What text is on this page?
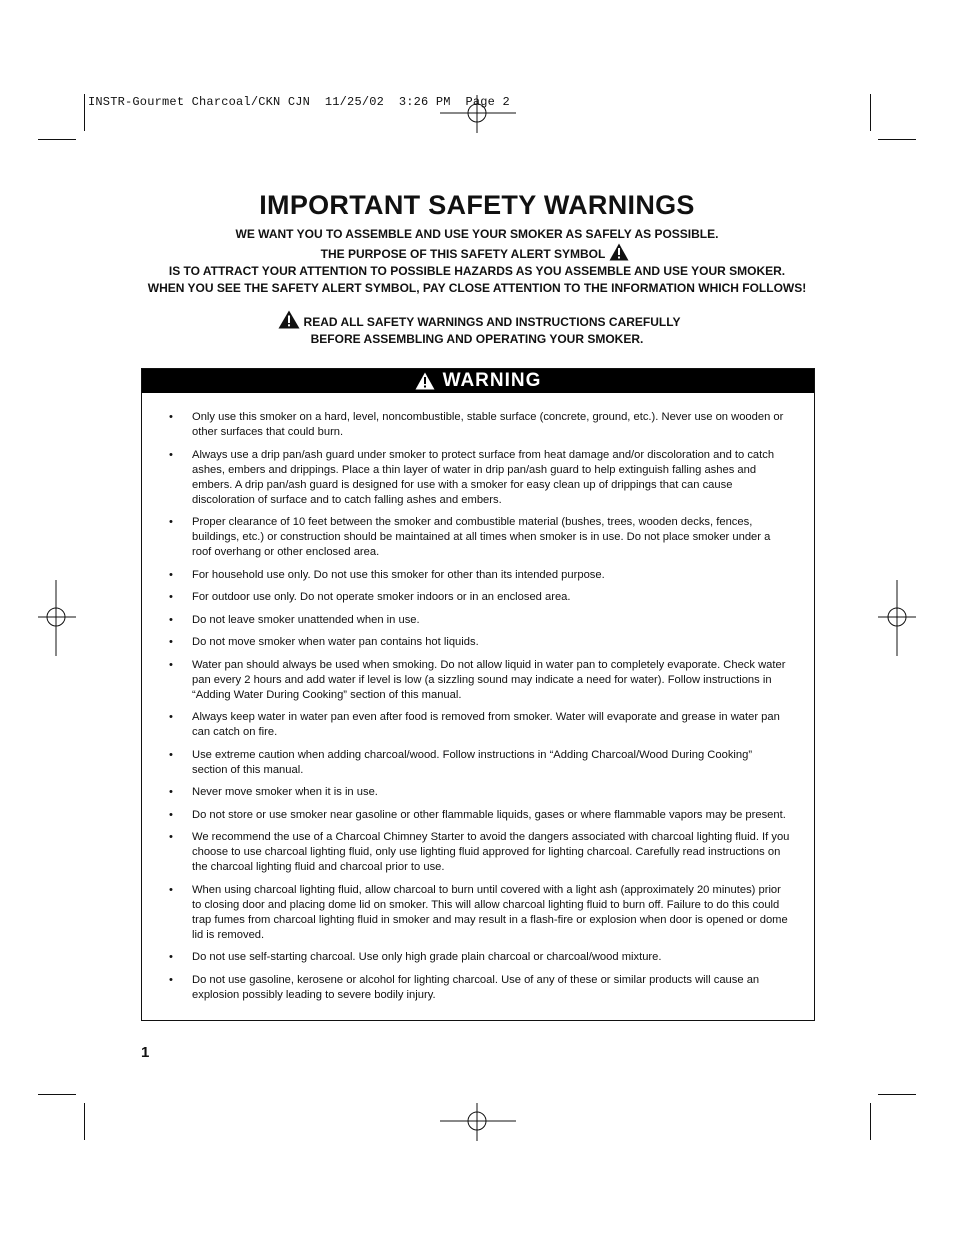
INSTR-Gourmet Charcoal/CKN CJN  11/25/02  3:26 PM  Page 2
IMPORTANT SAFETY WARNINGS
WE WANT YOU TO ASSEMBLE AND USE YOUR SMOKER AS SAFELY AS POSSIBLE.
THE PURPOSE OF THIS SAFETY ALERT SYMBOL
IS TO ATTRACT YOUR ATTENTION TO POSSIBLE HAZARDS AS YOU ASSEMBLE AND USE YOUR SMOKER.
WHEN YOU SEE THE SAFETY ALERT SYMBOL, PAY CLOSE ATTENTION TO THE INFORMATION WHICH FOLLOWS!
READ ALL SAFETY WARNINGS AND INSTRUCTIONS CAREFULLY
BEFORE ASSEMBLING AND OPERATING YOUR SMOKER.
WARNING
• Only use this smoker on a hard, level, noncombustible, stable surface (concrete, ground, etc.). Never use on wooden or other surfaces that could burn.
• Always use a drip pan/ash guard under smoker to protect surface from heat damage and/or discoloration and to catch ashes, embers and drippings. Place a thin layer of water in drip pan/ash guard to help extinguish falling ashes and embers. A drip pan/ash guard is designed for use with a smoker for easy clean up of drippings that can cause discoloration of surface and to catch falling ashes and embers.
• Proper clearance of 10 feet between the smoker and combustible material (bushes, trees, wooden decks, fences, buildings, etc.) or construction should be maintained at all times when smoker is in use. Do not place smoker under a roof overhang or other enclosed area.
• For household use only. Do not use this smoker for other than its intended purpose.
• For outdoor use only. Do not operate smoker indoors or in an enclosed area.
• Do not leave smoker unattended when in use.
• Do not move smoker when water pan contains hot liquids.
• Water pan should always be used when smoking. Do not allow liquid in water pan to completely evaporate. Check water pan every 2 hours and add water if level is low (a sizzling sound may indicate a need for water). Follow instructions in “Adding Water During Cooking” section of this manual.
• Always keep water in water pan even after food is removed from smoker. Water will evaporate and grease in water pan can catch on fire.
• Use extreme caution when adding charcoal/wood. Follow instructions in “Adding Charcoal/Wood During Cooking” section of this manual.
• Never move smoker when it is in use.
• Do not store or use smoker near gasoline or other flammable liquids, gases or where flammable vapors may be present.
• We recommend the use of a Charcoal Chimney Starter to avoid the dangers associated with charcoal lighting fluid. If you choose to use charcoal lighting fluid, only use lighting fluid approved for lighting charcoal. Carefully read instructions on the charcoal lighting fluid and charcoal prior to use.
• When using charcoal lighting fluid, allow charcoal to burn until covered with a light ash (approximately 20 minutes) prior to closing door and placing dome lid on smoker. This will allow charcoal lighting fluid to burn off. Failure to do this could trap fumes from charcoal lighting fluid in smoker and may result in a flash-fire or explosion when door is opened or dome lid is removed.
• Do not use self-starting charcoal. Use only high grade plain charcoal or charcoal/wood mixture.
• Do not use gasoline, kerosene or alcohol for lighting charcoal. Use of any of these or similar products will cause an explosion possibly leading to severe bodily injury.
1
